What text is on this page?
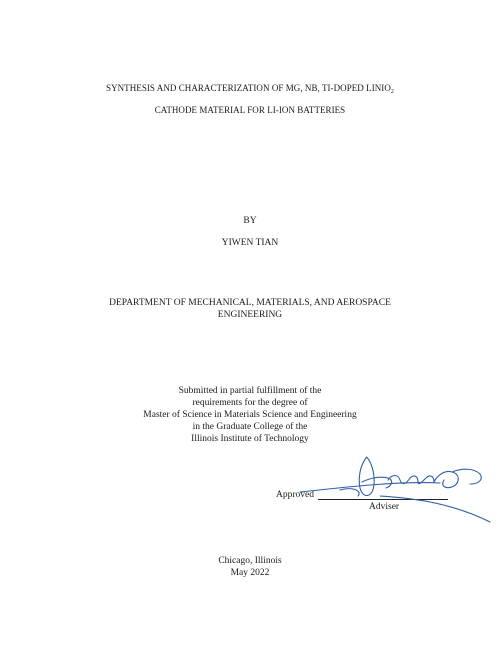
SYNTHESIS AND CHARACTERIZATION OF MG, NB, TI-DOPED $LINIO_2$
CATHODE MATERIAL FOR LI-ION BATTERIES
BY
YIWEN TIAN
DEPARTMENT OF MECHANICAL, MATERIALS, AND AEROSPACE
ENGINEERING
Submitted in partial fulfillment of the
requirements for the degree of
Master of Science in Materials Science and Engineering
in the Graduate College of the
Illinois Institute of Technology
Approved
Adviser
Chicago, Illinois
May 2022
